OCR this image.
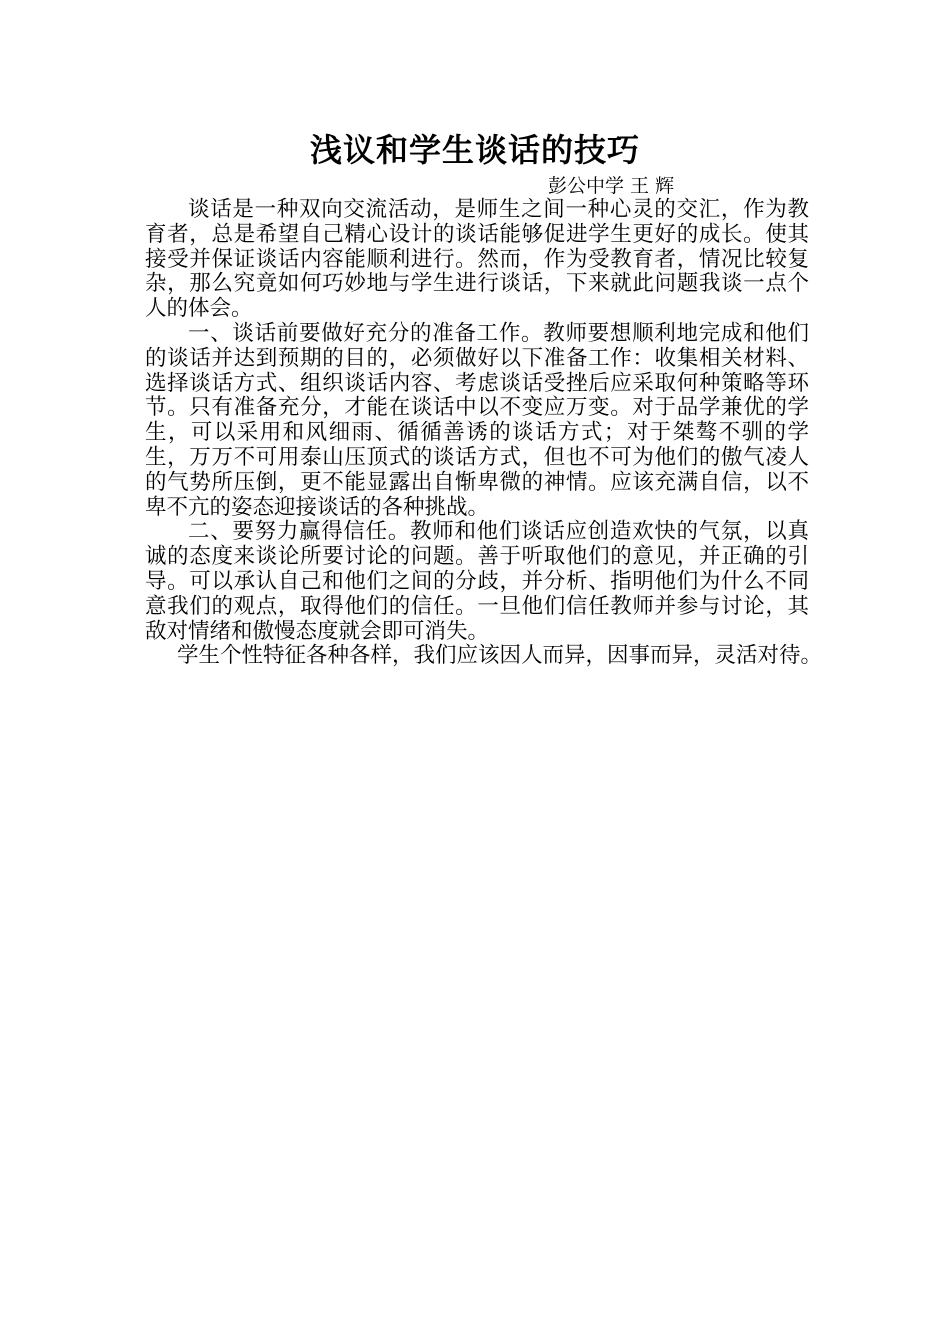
浅议和学生谈话的技巧
彭公中学 王 辉

谈话是一种双向交流活动，是师生之间一种心灵的交汇，作为教育者，总是希望自己精心设计的谈话能够促进学生更好的成长。使其接受并保证谈话内容能顺利进行。然而，作为受教育者，情况比较复杂，那么究竟如何巧妙地与学生进行谈话，下来就此问题我谈一点个人的体会。

一、谈话前要做好充分的准备工作。教师要想顺利地完成和他们的谈话并达到预期的目的，必须做好以下准备工作：收集相关材料、选择谈话方式、组织谈话内容、考虑谈话受挫后应采取何种策略等环节。只有准备充分，才能在谈话中以不变应万变。对于品学兼优的学生，可以采用和风细雨、循循善诱的谈话方式；对于桀骜不驯的学生，万万不可用泰山压顶式的谈话方式，但也不可为他们的傲气凌人的气势所压倒，更不能显露出自惭卑微的神情。应该充满自信，以不卑不亢的姿态迎接谈话的各种挑战。

二、要努力赢得信任。教师和他们谈话应创造欢快的气氛，以真诚的态度来谈论所要讨论的问题。善于听取他们的意见，并正确的引导。可以承认自己和他们之间的分歧，并分析、指明他们为什么不同意我们的观点，取得他们的信任。一旦他们信任教师并参与讨论，其敌对情绪和傲慢态度就会即可消失。

学生个性特征各种各样，我们应该因人而异，因事而异，灵活对待。
